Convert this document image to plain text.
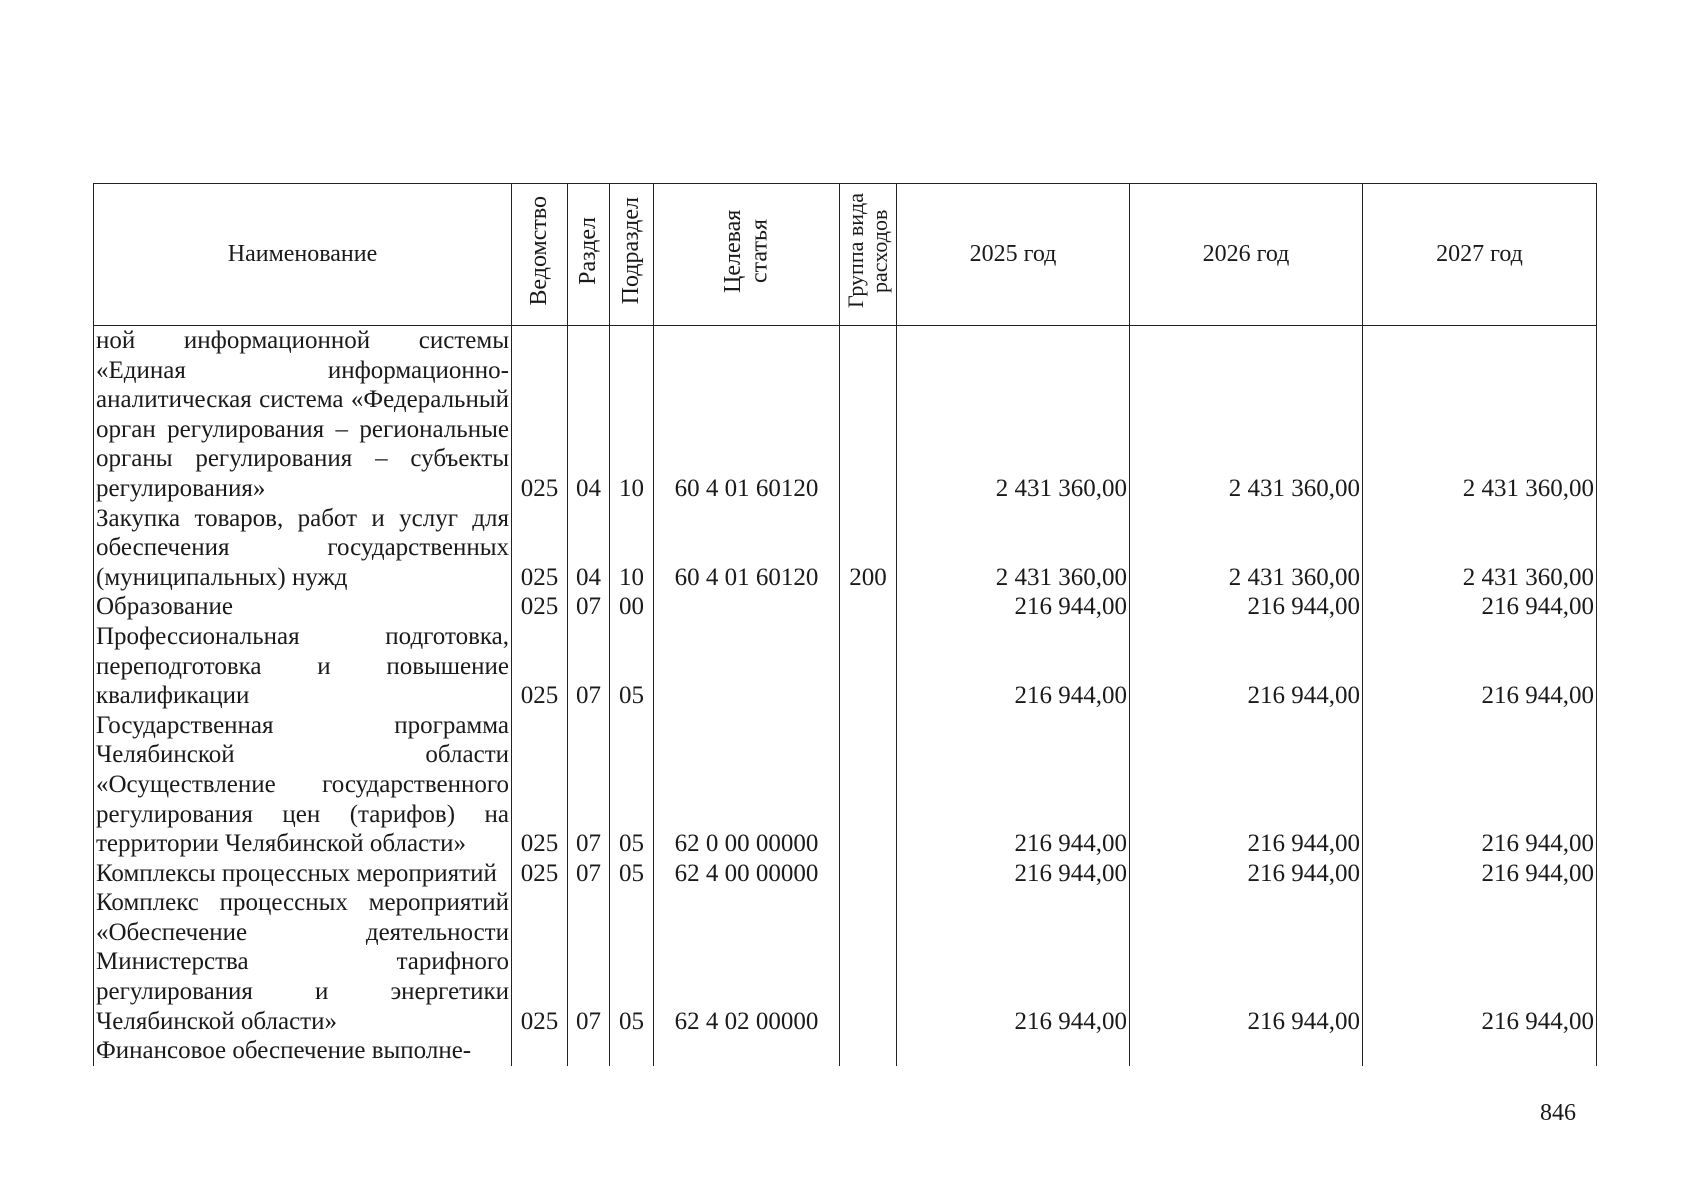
Наименование	Ведомство	Раздел	Подраздел	Целевая статья	Группа вида расходов	2025 год	2026 год	2027 год
ной информационной системы «Единая информационно-аналитическая система «Федеральный орган регулирования – региональные органы регулирования – субъекты регулирования»	025	04	10	60 4 01 60120		2 431 360,00	2 431 360,00	2 431 360,00
Закупка товаров, работ и услуг для обеспечения государственных (муниципальных) нужд	025	04	10	60 4 01 60120	200	2 431 360,00	2 431 360,00	2 431 360,00
Образование	025	07	00			216 944,00	216 944,00	216 944,00
Профессиональная подготовка, переподготовка и повышение квалификации	025	07	05			216 944,00	216 944,00	216 944,00
Государственная программа Челябинской области «Осуществление государственного регулирования цен (тарифов) на территории Челябинской области»	025	07	05	62 0 00 00000		216 944,00	216 944,00	216 944,00
Комплексы процессных мероприятий	025	07	05	62 4 00 00000		216 944,00	216 944,00	216 944,00
Комплекс процессных мероприятий «Обеспечение деятельности Министерства тарифного регулирования и энергетики Челябинской области»	025	07	05	62 4 02 00000		216 944,00	216 944,00	216 944,00
Финансовое обеспечение выполне-								
846
